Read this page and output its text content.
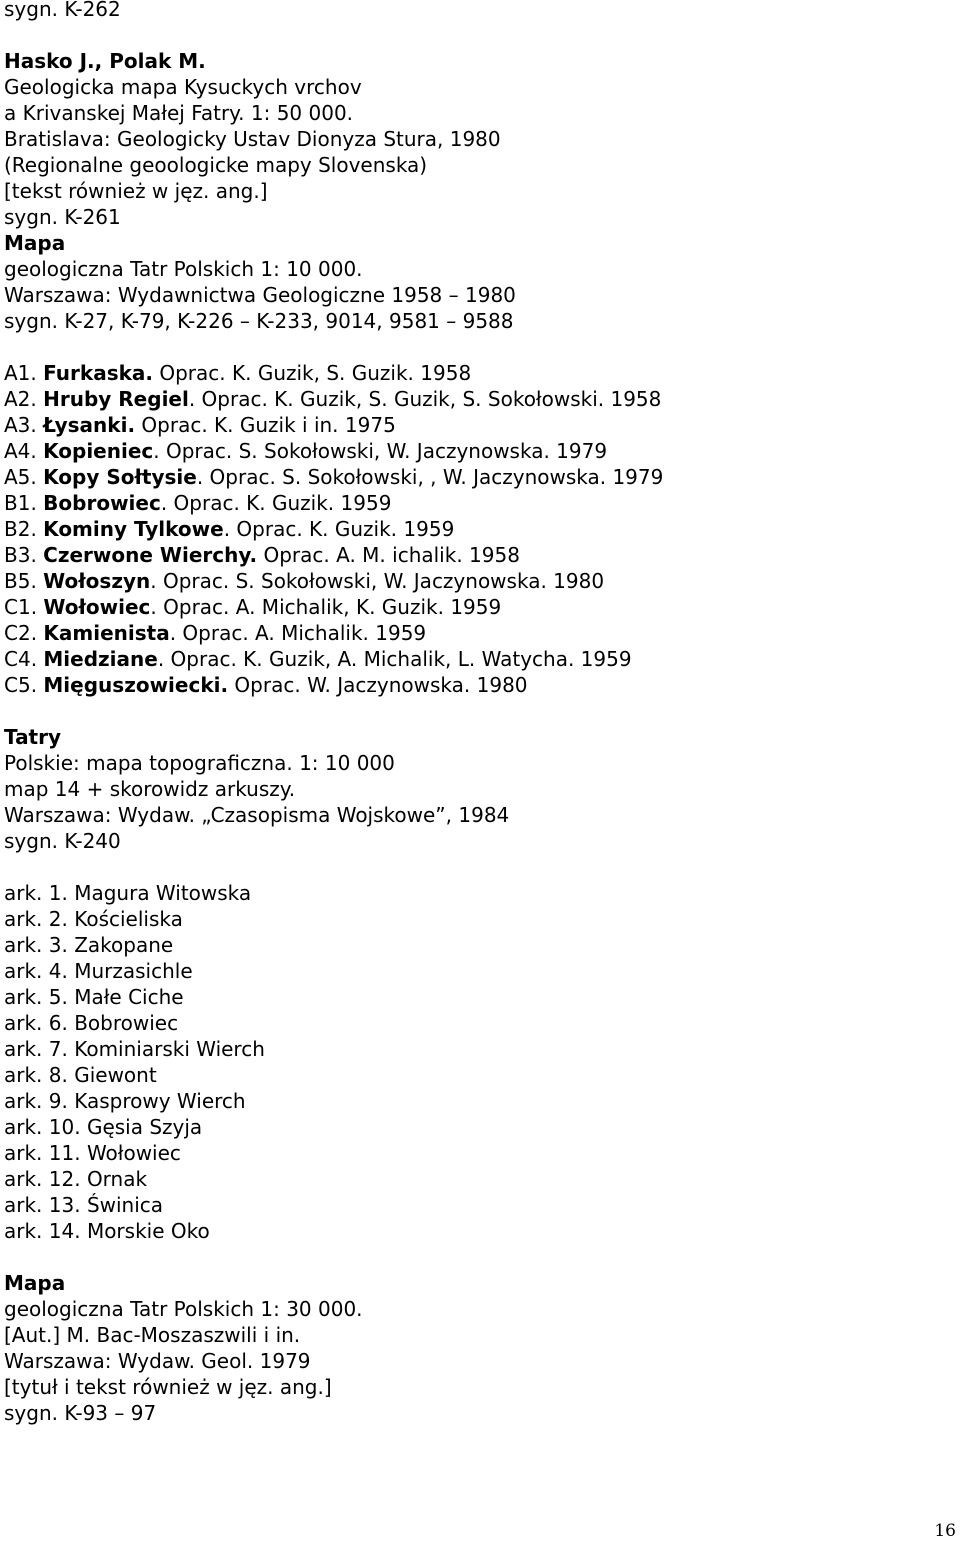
sygn. K-262
Hasko J., Polak M.
Geologicka mapa Kysuckych vrchov
a Krivanskej Małej Fatry. 1: 50 000.
Bratislava: Geologicky Ustav Dionyza Stura, 1980
(Regionalne geoologicke mapy Slovenska)
[tekst również w jęz. ang.]
sygn. K-261
Mapa
geologiczna Tatr Polskich 1: 10 000.
Warszawa: Wydawnictwa Geologiczne 1958 – 1980
sygn. K-27, K-79, K-226 – K-233, 9014, 9581 – 9588
A1. Furkaska. Oprac. K. Guzik, S. Guzik. 1958
A2. Hruby Regiel. Oprac. K. Guzik, S. Guzik, S. Sokołowski. 1958
A3. Łysanki. Oprac. K. Guzik i in. 1975
A4. Kopieniec. Oprac. S. Sokołowski, W. Jaczynowska. 1979
A5. Kopy Sołtysie. Oprac. S. Sokołowski, , W. Jaczynowska. 1979
B1. Bobrowiec. Oprac. K. Guzik. 1959
B2. Kominy Tylkowe. Oprac. K. Guzik. 1959
B3. Czerwone Wierchy. Oprac. A. M. ichalik. 1958
B5. Wołoszyn. Oprac. S. Sokołowski, W. Jaczynowska. 1980
C1. Wołowiec. Oprac. A. Michalik, K. Guzik. 1959
C2. Kamienista. Oprac. A. Michalik. 1959
C4. Miedziane. Oprac. K. Guzik, A. Michalik, L. Watycha. 1959
C5. Mięguszowiecki. Oprac. W. Jaczynowska. 1980
Tatry
Polskie: mapa topograficzna. 1: 10 000
map 14 + skorowidz arkuszy.
Warszawa: Wydaw. „Czasopisma Wojskowe”, 1984
sygn. K-240
ark. 1. Magura Witowska
ark. 2. Kościeliska
ark. 3. Zakopane
ark. 4. Murzasichle
ark. 5. Małe Ciche
ark. 6. Bobrowiec
ark. 7. Kominiarski Wierch
ark. 8. Giewont
ark. 9. Kasprowy Wierch
ark. 10. Gęsia Szyja
ark. 11. Wołowiec
ark. 12. Ornak
ark. 13. Świnica
ark. 14. Morskie Oko
Mapa
geologiczna Tatr Polskich 1: 30 000.
[Aut.] M. Bac-Moszaszwili i in.
Warszawa: Wydaw. Geol. 1979
[tytuł i tekst również w jęz. ang.]
sygn. K-93 – 97
16
